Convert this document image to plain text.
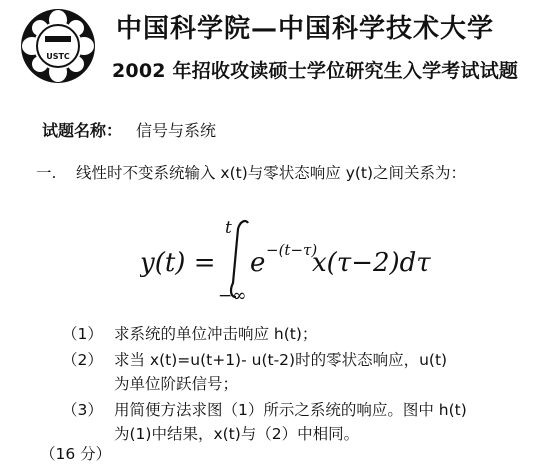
USTC
中国科学院—中国科学技术大学
2002 年招收攻读硕士学位研究生入学考试试题
试题名称： 信号与系统
一. 线性时不变系统输入 x(t)与零状态响应 y(t)之间关系为：
y(t) =
t
−∞
e −(t−τ)
x(τ−2)dτ
（1） 求系统的单位冲击响应 h(t)；
（2） 求当 x(t)=u(t+1)- u(t-2)时的零状态响应，u(t)
为单位阶跃信号；
（3） 用简便方法求图（1）所示之系统的响应。图中 h(t)
为(1)中结果，x(t)与（2）中相同。
（16 分）
